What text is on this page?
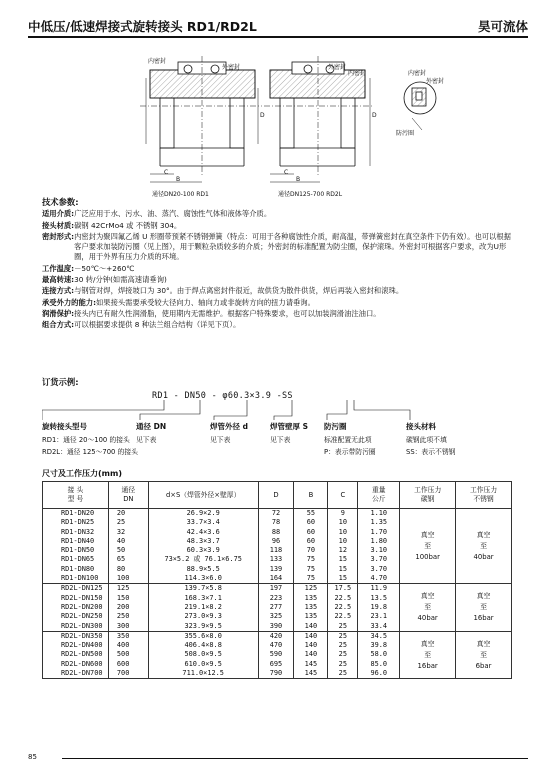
中低压/低速焊接式旋转接头 RD1/RD2L	昊可流体
内密封
外密封	外密封
内密封	内密封
外密封
防污圈
C
B
D
C
B
D
通径DN20-100 RD1	通径DN125-700 RD2L
技术参数:
适用介质: 广泛应用于水、污水、油、蒸汽、腐蚀性气体和液体等介质。
接头材质: 碳钢 42CrMo4 或 不锈钢 304。
密封形式: 内密封为聚四氟乙烯 U 形圈带预紧不锈钢弹簧（特点：可用于各种腐蚀性介质，耐高温，带弹簧密封在真空条件下仍有效）。也可以根据客户要求加装防污圈（见上图），用于颗粒杂质较多的介质；外密封的标准配置为防尘圈，保护滚珠。外密封可根据客户要求，改为U形圈，用于外界有压力介质的环境。
工作温度: －50℃～+260℃
最高转速: 30 转/分钟(如需高速请垂询)
连接方式: 与钢管对焊，焊接坡口为 30°。由于焊点离密封件很近，故供货为散件供货，焊后再装入密封和滚珠。
承受外力的能力: 如果接头需要承受较大径向力、轴向力或非旋转方向的扭力请垂询。
润滑保护: 接头内已有耐久性润滑脂，使用期内无需维护。根据客户特殊要求，也可以加装润滑油注油口。
组合方式: 可以根据要求提供 8 种法兰组合结构（详见下页）。
订货示例:
RD1 - DN50 - φ60.3×3.9 -SS
旋转接头型号
RD1：通径 20～100 的接头
RD2L：通径 125～700 的接头
通径 DN
见下表
焊管外径 d
见下表
焊管壁厚 S
见下表
防污圈
标准配置无此项
P：表示带防污圈
接头材料
碳钢此项不填
SS：表示不锈钢
尺寸及工作压力(mm)
接 头
型 号	通径
DN	d×S（焊管外径×壁厚）	D	B	C	重量
公斤	工作压力
碳钢	工作压力
不锈钢
RD1-DN20	20	26.9×2.9	72	55	9	1.10	真空
至
100bar	真空
至
40bar
RD1-DN25	25	33.7×3.4	78	60	10	1.35		
RD1-DN32	32	42.4×3.6	88	60	10	1.70		
RD1-DN40	40	48.3×3.7	96	60	10	1.80		
RD1-DN50	50	60.3×3.9	118	70	12	3.10		
RD1-DN65	65	73×5.2 或 76.1×6.75	133	75	15	3.70		
RD1-DN80	80	88.9×5.5	139	75	15	3.70		
RD1-DN100	100	114.3×6.0	164	75	15	4.70		
RD2L-DN125	125	139.7×5.8	197	125	17.5	11.9	真空
至
40bar	真空
至
16bar
RD2L-DN150	150	168.3×7.1	223	135	22.5	13.5		
RD2L-DN200	200	219.1×8.2	277	135	22.5	19.8		
RD2L-DN250	250	273.0×9.3	325	135	22.5	23.1		
RD2L-DN300	300	323.9×9.5	390	140	25	33.4		
RD2L-DN350	350	355.6×8.0	420	140	25	34.5	真空
至
16bar	真空
至
6bar
RD2L-DN400	400	406.4×8.8	470	140	25	39.8		
RD2L-DN500	500	508.0×9.5	590	140	25	58.0		
RD2L-DN600	600	610.0×9.5	695	145	25	85.0		
RD2L-DN700	700	711.0×12.5	790	145	25	96.0		
85
